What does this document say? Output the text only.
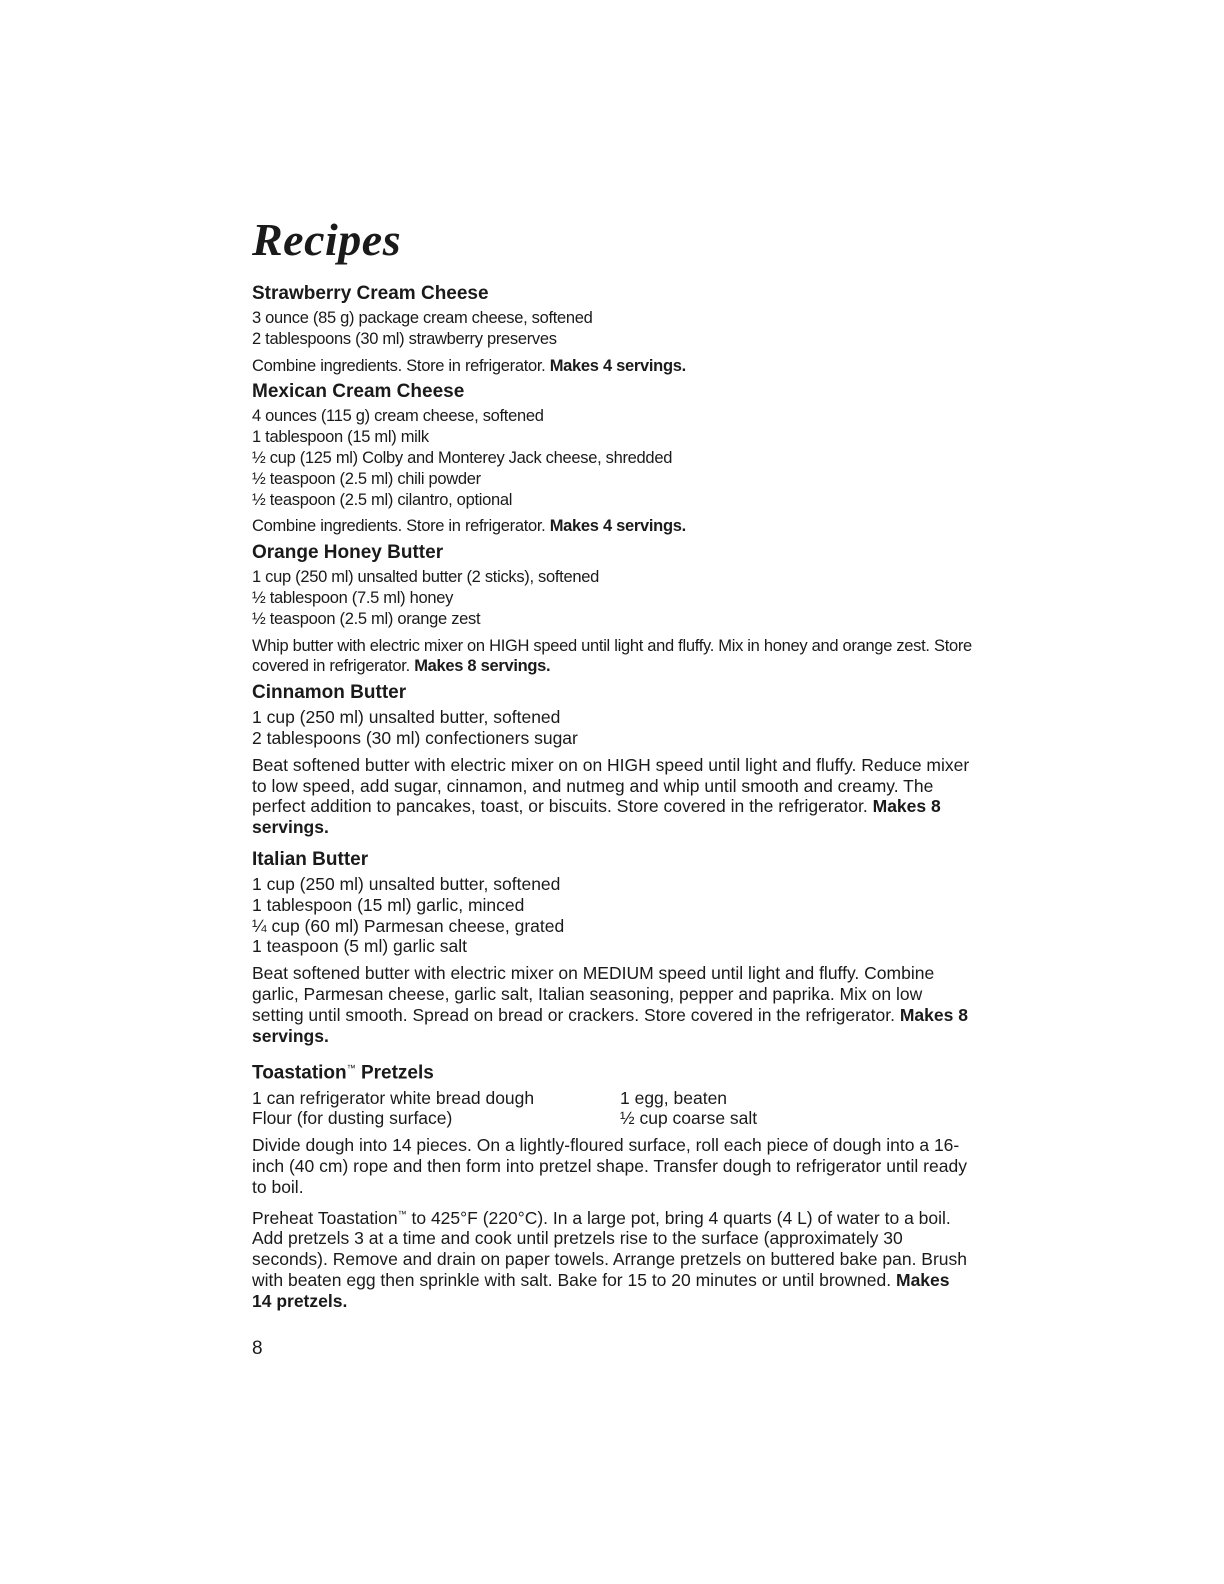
Recipes
Strawberry Cream Cheese
3 ounce (85 g) package cream cheese, softened
2 tablespoons (30 ml) strawberry preserves

Combine ingredients. Store in refrigerator. Makes 4 servings.

Mexican Cream Cheese
4 ounces (115 g) cream cheese, softened
1 tablespoon (15 ml) milk
½ cup (125 ml) Colby and Monterey Jack cheese, shredded
½ teaspoon (2.5 ml) chili powder
½ teaspoon (2.5 ml) cilantro, optional

Combine ingredients. Store in refrigerator. Makes 4 servings.

Orange Honey Butter
1 cup (250 ml) unsalted butter (2 sticks), softened
½ tablespoon (7.5 ml) honey
½ teaspoon (2.5 ml) orange zest

Whip butter with electric mixer on HIGH speed until light and fluffy. Mix in honey and orange zest. Store covered in refrigerator. Makes 8 servings.

Cinnamon Butter
1 cup (250 ml) unsalted butter, softened
2 tablespoons (30 ml) confectioners sugar

Beat softened butter with electric mixer on on HIGH speed until light and fluffy. Reduce mixer to low speed, add sugar, cinnamon, and nutmeg and whip until smooth and creamy. The perfect addition to pancakes, toast, or biscuits. Store covered in the refrigerator. Makes 8 servings.

Italian Butter
1 cup (250 ml) unsalted butter, softened
1 tablespoon (15 ml) garlic, minced
¼ cup (60 ml) Parmesan cheese, grated
1 teaspoon (5 ml) garlic salt

Beat softened butter with electric mixer on MEDIUM speed until light and fluffy. Combine garlic, Parmesan cheese, garlic salt, Italian seasoning, pepper and paprika. Mix on low setting until smooth. Spread on bread or crackers. Store covered in the refrigerator. Makes 8 servings.

Toastation™ Pretzels
1 can refrigerator white bread dough
Flour (for dusting surface)
1 egg, beaten
½ cup coarse salt

Divide dough into 14 pieces. On a lightly-floured surface, roll each piece of dough into a 16-inch (40 cm) rope and then form into pretzel shape. Transfer dough to refrigerator until ready to boil.

Preheat Toastation™ to 425°F (220°C). In a large pot, bring 4 quarts (4 L) of water to a boil. Add pretzels 3 at a time and cook until pretzels rise to the surface (approximately 30 seconds). Remove and drain on paper towels. Arrange pretzels on buttered bake pan. Brush with beaten egg then sprinkle with salt. Bake for 15 to 20 minutes or until browned. Makes 14 pretzels.

8
